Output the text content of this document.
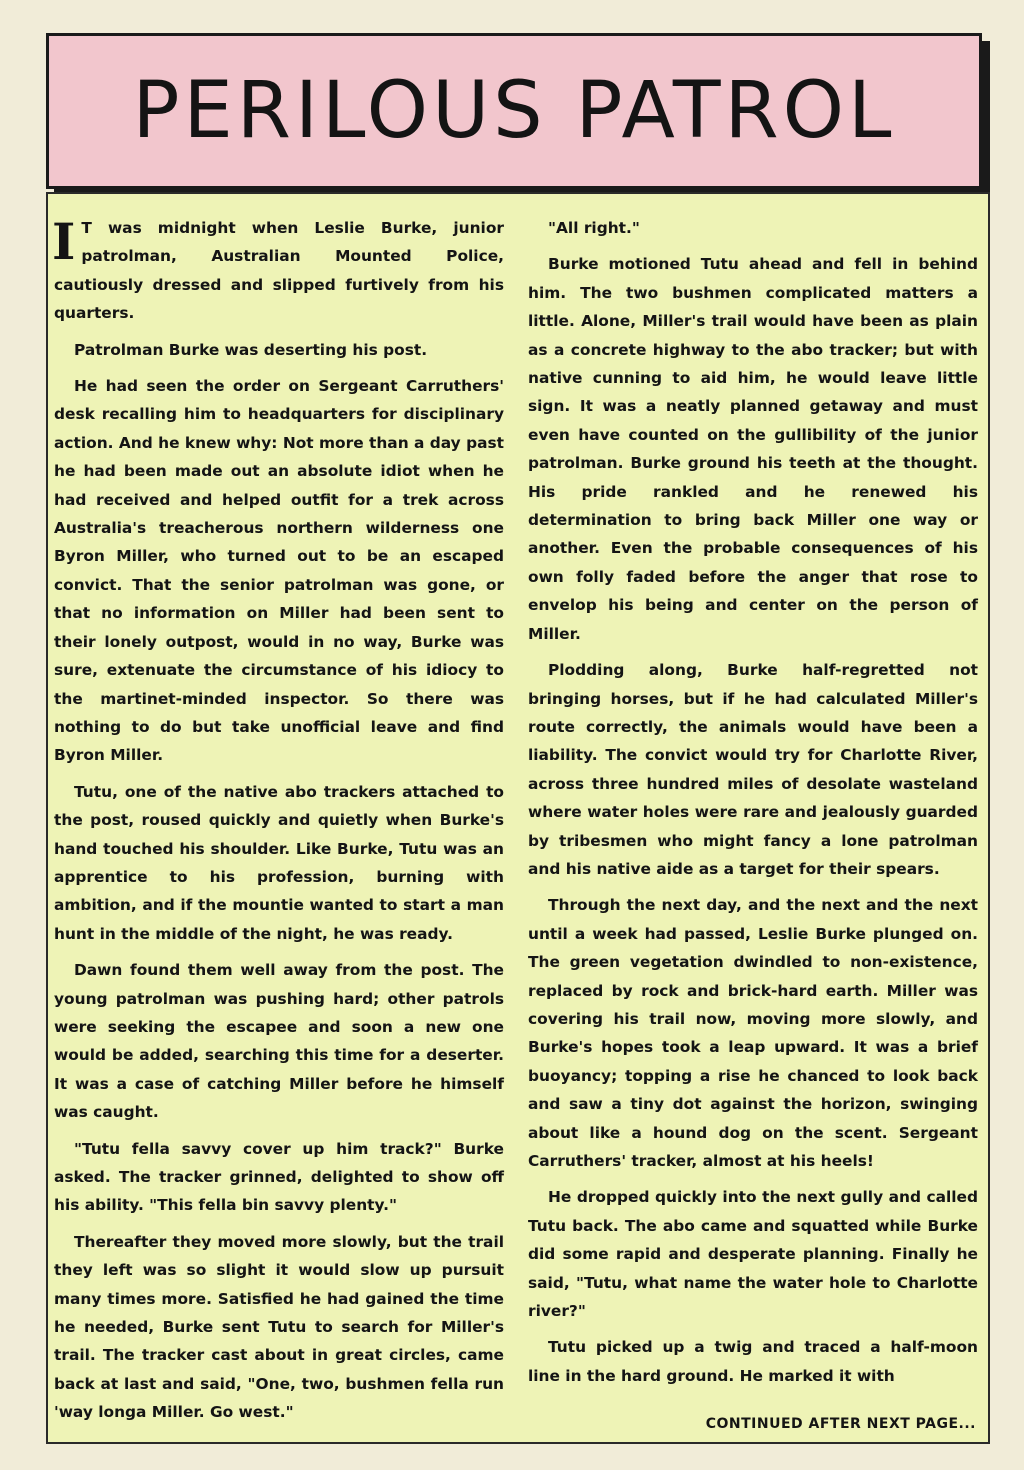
PERILOUS PATROL

I T was midnight when Leslie Burke, junior patrolman, Australian Mounted Police, cautiously dressed and slipped furtively from his quarters.

Patrolman Burke was deserting his post.

He had seen the order on Sergeant Carruthers' desk recalling him to headquarters for disciplinary action. And he knew why: Not more than a day past he had been made out an absolute idiot when he had received and helped outfit for a trek across Australia's treacherous northern wilderness one Byron Miller, who turned out to be an escaped convict. That the senior patrolman was gone, or that no information on Miller had been sent to their lonely outpost, would in no way, Burke was sure, extenuate the circumstance of his idiocy to the martinet-minded inspector. So there was nothing to do but take unofficial leave and find Byron Miller.

Tutu, one of the native abo trackers attached to the post, roused quickly and quietly when Burke's hand touched his shoulder. Like Burke, Tutu was an apprentice to his profession, burning with ambition, and if the mountie wanted to start a man hunt in the middle of the night, he was ready.

Dawn found them well away from the post. The young patrolman was pushing hard; other patrols were seeking the escapee and soon a new one would be added, searching this time for a deserter. It was a case of catching Miller before he himself was caught.

"Tutu fella savvy cover up him track?" Burke asked. The tracker grinned, delighted to show off his ability. "This fella bin savvy plenty."

Thereafter they moved more slowly, but the trail they left was so slight it would slow up pursuit many times more. Satisfied he had gained the time he needed, Burke sent Tutu to search for Miller's trail. The tracker cast about in great circles, came back at last and said, "One, two, bushmen fella run 'way longa Miller. Go west."

"All right."

Burke motioned Tutu ahead and fell in behind him. The two bushmen complicated matters a little. Alone, Miller's trail would have been as plain as a concrete highway to the abo tracker; but with native cunning to aid him, he would leave little sign. It was a neatly planned getaway and must even have counted on the gullibility of the junior patrolman. Burke ground his teeth at the thought. His pride rankled and he renewed his determination to bring back Miller one way or another. Even the probable consequences of his own folly faded before the anger that rose to envelop his being and center on the person of Miller.

Plodding along, Burke half-regretted not bringing horses, but if he had calculated Miller's route correctly, the animals would have been a liability. The convict would try for Charlotte River, across three hundred miles of desolate wasteland where water holes were rare and jealously guarded by tribesmen who might fancy a lone patrolman and his native aide as a target for their spears.

Through the next day, and the next and the next until a week had passed, Leslie Burke plunged on. The green vegetation dwindled to non-existence, replaced by rock and brick-hard earth. Miller was covering his trail now, moving more slowly, and Burke's hopes took a leap upward. It was a brief buoyancy; topping a rise he chanced to look back and saw a tiny dot against the horizon, swinging about like a hound dog on the scent. Sergeant Carruthers' tracker, almost at his heels!

He dropped quickly into the next gully and called Tutu back. The abo came and squatted while Burke did some rapid and desperate planning. Finally he said, "Tutu, what name the water hole to Charlotte river?"

Tutu picked up a twig and traced a half-moon line in the hard ground. He marked it with

CONTINUED AFTER NEXT PAGE...
